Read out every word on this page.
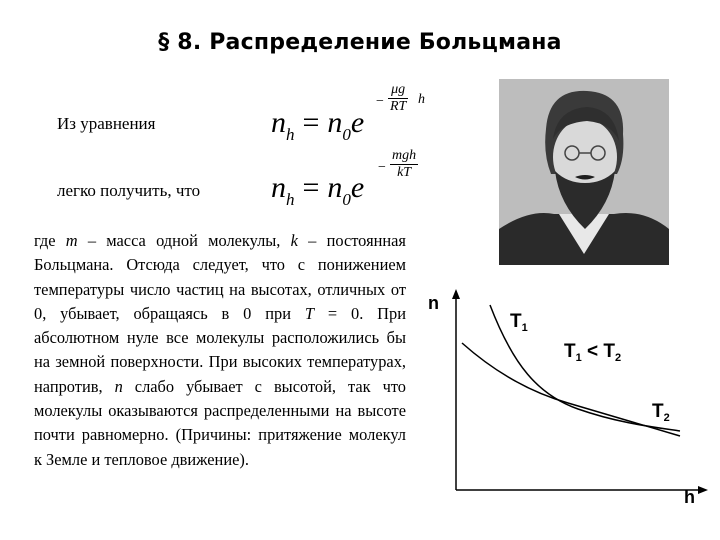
§ 8. Распределение Больцмана
Из уравнения	$n_h = n_0e$
−
μg
RT h
легко получить, что $n_h = n_0e$
−
mgh
kT
где m – масса одной молекулы, k – постоянная Больцмана. Отсюда следует, что с понижением температуры число частиц на высотах, отличных от 0, убывает, обращаясь в 0 при T = 0. При абсолютном нуле все молекулы расположились бы на земной поверхности. При высоких температурах, напротив, n слабо убывает с высотой, так что молекулы оказываются распределенными на высоте почти равномерно. (Причины: притяжение молекул к Земле и тепловое движение).
n
h
$T_1$
$T_1 < T_2$
$T_2$
